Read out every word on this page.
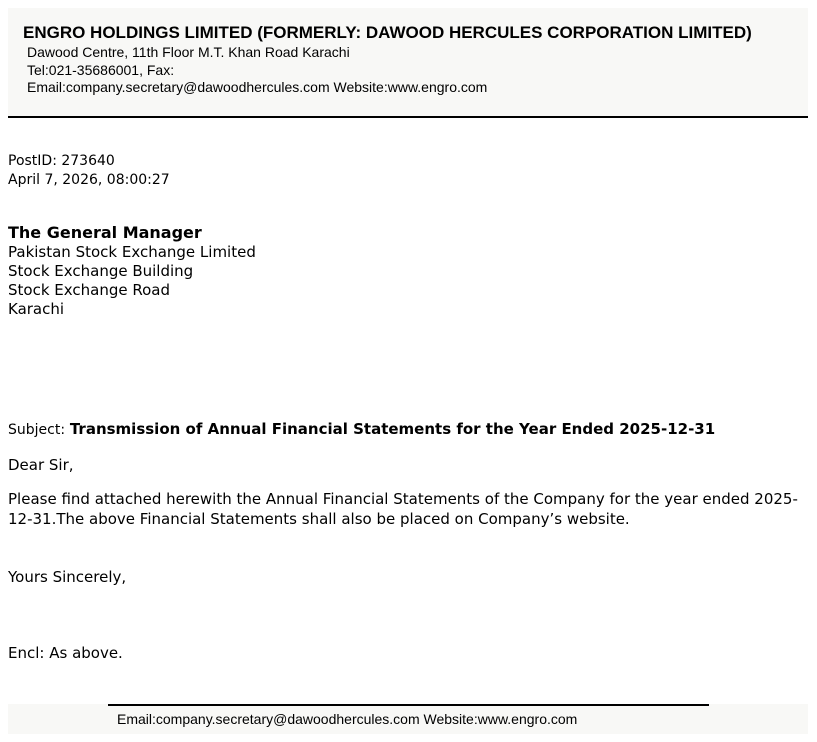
ENGRO HOLDINGS LIMITED (FORMERLY: DAWOOD HERCULES CORPORATION LIMITED)
Dawood Centre, 11th Floor M.T. Khan Road Karachi
Tel:021-35686001, Fax:
Email:company.secretary@dawoodhercules.com Website:www.engro.com
PostID: 273640
April 7, 2026, 08:00:27
The General Manager
Pakistan Stock Exchange Limited
Stock Exchange Building
Stock Exchange Road
Karachi
Subject: Transmission of Annual Financial Statements for the Year Ended 2025-12-31
Dear Sir,
Please find attached herewith the Annual Financial Statements of the Company for the year ended 2025-12-31.The above Financial Statements shall also be placed on Company’s website.
Yours Sincerely,
Encl: As above.
Email:company.secretary@dawoodhercules.com Website:www.engro.com
